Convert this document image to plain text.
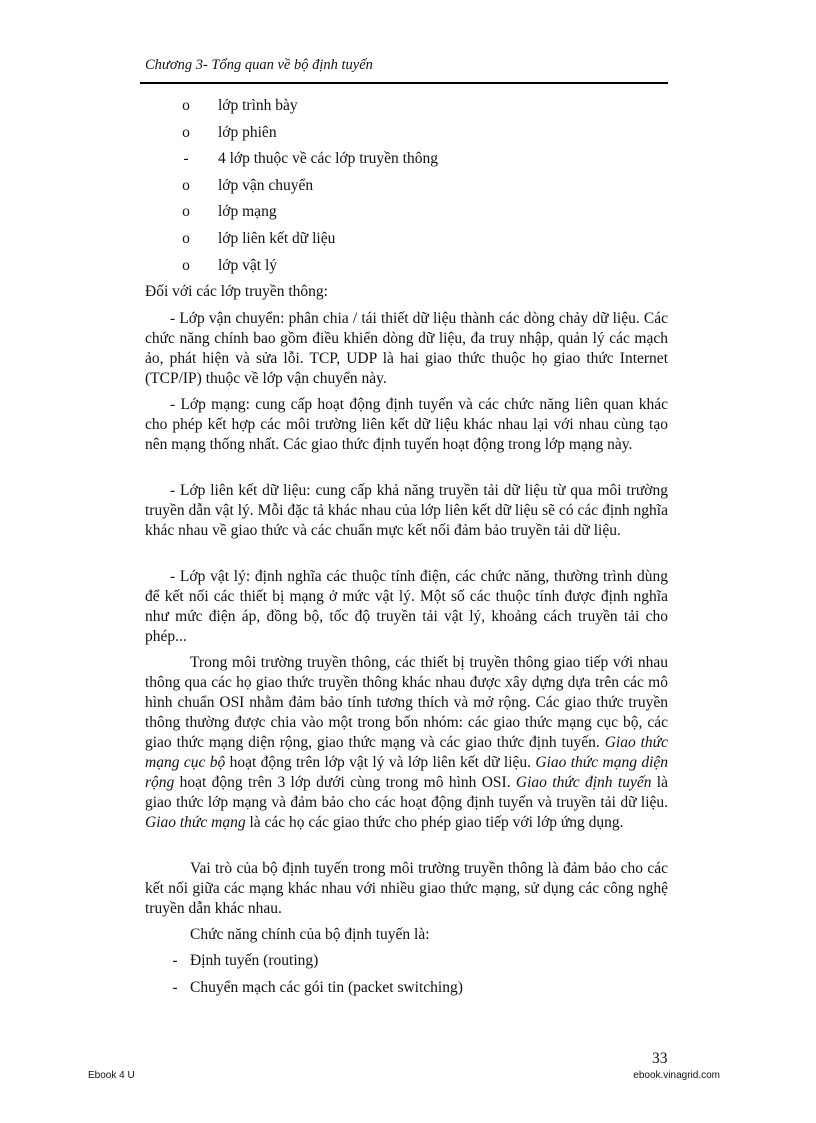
Chương 3- Tổng quan về bộ định tuyến
o	lớp trình bày
o	lớp phiên
-	4 lớp thuộc về các lớp truyền thông
o	lớp vận chuyển
o	lớp mạng
o	lớp liên kết dữ liệu
o	lớp vật lý
Đối với các lớp truyền thông:

- Lớp vận chuyển: phân chia / tái thiết dữ liệu thành các dòng chảy dữ liệu. Các chức năng chính bao gồm điều khiển dòng dữ liệu, đa truy nhập, quản lý các mạch ảo, phát hiện và sửa lỗi. TCP, UDP là hai giao thức thuộc họ giao thức Internet (TCP/IP) thuộc về lớp vận chuyển này.

- Lớp mạng: cung cấp hoạt động định tuyến và các chức năng liên quan khác cho phép kết hợp các môi trường liên kết dữ liệu khác nhau lại với nhau cùng tạo nên mạng thống nhất. Các giao thức định tuyến hoạt động trong lớp mạng này.

- Lớp liên kết dữ liệu: cung cấp khả năng truyền tải dữ liệu từ qua môi trường truyền dẫn vật lý. Mỗi đặc tả khác nhau của lớp liên kết dữ liệu sẽ có các định nghĩa khác nhau về giao thức và các chuẩn mực kết nối đảm bảo truyền tải dữ liệu.

- Lớp vật lý: định nghĩa các thuộc tính điện, các chức năng, thường trình dùng để kết nối các thiết bị mạng ở mức vật lý. Một số các thuộc tính được định nghĩa như mức điện áp, đồng bộ, tốc độ truyền tải vật lý, khoảng cách truyền tải cho phép...

Trong môi trường truyền thông, các thiết bị truyền thông giao tiếp với nhau thông qua các họ giao thức truyền thông khác nhau được xây dựng dựa trên các mô hình chuẩn OSI nhằm đảm bảo tính tương thích và mở rộng. Các giao thức truyền thông thường được chia vào một trong bốn nhóm: các giao thức mạng cục bộ, các giao thức mạng diện rộng, giao thức mạng và các giao thức định tuyến. Giao thức mạng cục bộ hoạt động trên lớp vật lý và lớp liên kết dữ liệu. Giao thức mạng diện rộng hoạt động trên 3 lớp dưới cùng trong mô hình OSI. Giao thức định tuyến là giao thức lớp mạng và đảm bảo cho các hoạt động định tuyến và truyền tải dữ liệu. Giao thức mạng là các họ các giao thức cho phép giao tiếp với lớp ứng dụng.

Vai trò của bộ định tuyến trong môi trường truyền thông là đảm bảo cho các kết nối giữa các mạng khác nhau với nhiều giao thức mạng, sử dụng các công nghệ truyền dẫn khác nhau.

Chức năng chính của bộ định tuyến là:
- Định tuyến (routing)
- Chuyển mạch các gói tin (packet switching)
33
Ebook 4 U	ebook.vinagrid.com
